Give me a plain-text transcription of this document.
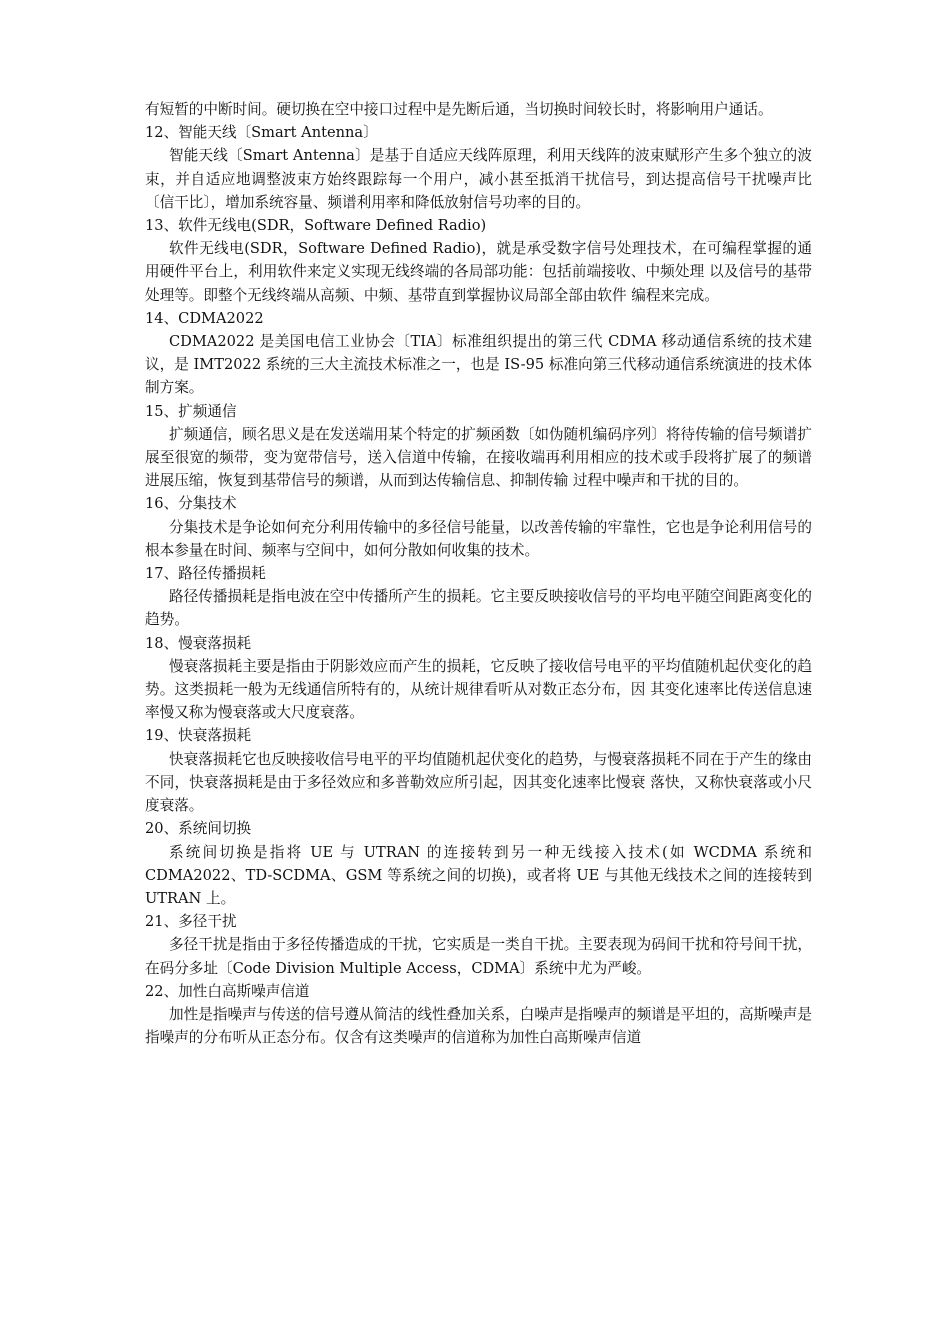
有短暂的中断时间。硬切换在空中接口过程中是先断后通，当切换时间较长时，将影响用户通话。

12、智能天线〔Smart Antenna〕

智能天线〔Smart Antenna〕是基于自适应天线阵原理，利用天线阵的波束赋形产生多个独立的波束，并自适应地调整波束方始终跟踪每一个用户，减小甚至抵消干扰信号，到达提高信号干扰噪声比〔信干比〕，增加系统容量、频谱利用率和降低放射信号功率的目的。

13、软件无线电(SDR，Software Defined Radio)

软件无线电(SDR，Software Defined Radio)，就是承受数字信号处理技术，在可编程掌握的通用硬件平台上，利用软件来定义实现无线终端的各局部功能：包括前端接收、中频处理 以及信号的基带处理等。即整个无线终端从高频、中频、基带直到掌握协议局部全部由软件 编程来完成。

14、CDMA2022

CDMA2022 是美国电信工业协会〔TIA〕标准组织提出的第三代 CDMA 移动通信系统的技术建议，是 IMT2022 系统的三大主流技术标准之一，也是 IS-95 标准向第三代移动通信系统演进的技术体制方案。

15、扩频通信

扩频通信，顾名思义是在发送端用某个特定的扩频函数〔如伪随机编码序列〕将待传输的信号频谱扩展至很宽的频带，变为宽带信号，送入信道中传输，在接收端再利用相应的技术或手段将扩展了的频谱进展压缩，恢复到基带信号的频谱，从而到达传输信息、抑制传输 过程中噪声和干扰的目的。

16、分集技术

分集技术是争论如何充分利用传输中的多径信号能量，以改善传输的牢靠性，它也是争论利用信号的根本参量在时间、频率与空间中，如何分散如何收集的技术。

17、路径传播损耗

路径传播损耗是指电波在空中传播所产生的损耗。它主要反映接收信号的平均电平随空间距离变化的趋势。

18、慢衰落损耗

慢衰落损耗主要是指由于阴影效应而产生的损耗，它反映了接收信号电平的平均值随机起伏变化的趋势。这类损耗一般为无线通信所特有的，从统计规律看听从对数正态分布，因 其变化速率比传送信息速率慢又称为慢衰落或大尺度衰落。

19、快衰落损耗

快衰落损耗它也反映接收信号电平的平均值随机起伏变化的趋势，与慢衰落损耗不同在于产生的缘由不同，快衰落损耗是由于多径效应和多普勒效应所引起，因其变化速率比慢衰 落快，又称快衰落或小尺度衰落。

20、系统间切换

系统间切换是指将 UE 与 UTRAN 的连接转到另一种无线接入技术(如 WCDMA 系统和CDMA2022、TD-SCDMA、GSM 等系统之间的切换)，或者将 UE 与其他无线技术之间的连接转到 UTRAN 上。

21、多径干扰

多径干扰是指由于多径传播造成的干扰，它实质是一类自干扰。主要表现为码间干扰和符号间干扰，在码分多址〔Code Division Multiple Access，CDMA〕系统中尤为严峻。

22、加性白高斯噪声信道

加性是指噪声与传送的信号遵从简洁的线性叠加关系，白噪声是指噪声的频谱是平坦的，高斯噪声是指噪声的分布听从正态分布。仅含有这类噪声的信道称为加性白高斯噪声信道
